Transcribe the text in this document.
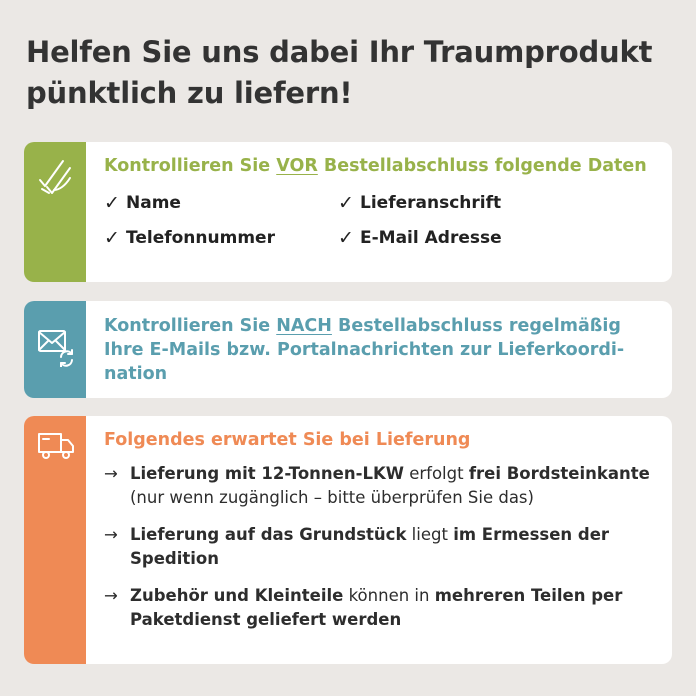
Helfen Sie uns dabei Ihr Traumprodukt pünktlich zu liefern!
Kontrollieren Sie VOR Bestellabschluss folgende Daten
✓ Name	✓ Lieferanschrift
✓ Telefonnummer	✓ E-Mail Adresse
Kontrollieren Sie NACH Bestellabschluss regelmäßig Ihre E-Mails bzw. Portalnachrichten zur Lieferkoordi-nation
Folgendes erwartet Sie bei Lieferung
→ Lieferung mit 12-Tonnen-LKW erfolgt frei Bordsteinkante (nur wenn zugänglich – bitte überprüfen Sie das)
→ Lieferung auf das Grundstück liegt im Ermessen der Spedition
→ Zubehör und Kleinteile können in mehreren Teilen per Paketdienst geliefert werden
